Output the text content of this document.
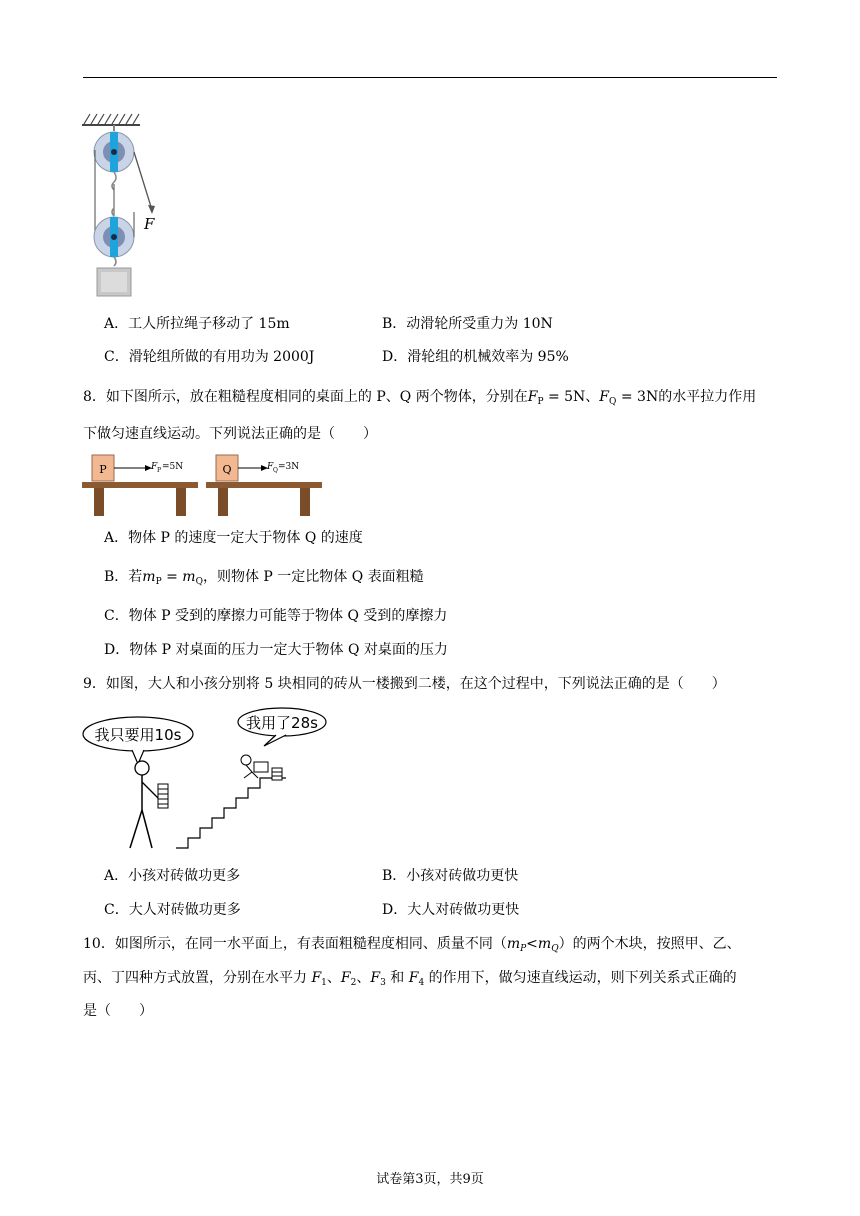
F
A．工人所拉绳子移动了 15m	B．动滑轮所受重力为 10N
C．滑轮组所做的有用功为 2000J	D．滑轮组的机械效率为 95%
8．如下图所示，放在粗糙程度相同的桌面上的 P、Q 两个物体，分别在$F_P = 5N$、$F_Q = 3N$的水平拉力作用
下做匀速直线运动。下列说法正确的是（　　）
P	F P =5N	Q	F Q =3N
A．物体 P 的速度一定大于物体 Q 的速度
B．若$m_P = m_Q$，则物体 P 一定比物体 Q 表面粗糙
C．物体 P 受到的摩擦力可能等于物体 Q 受到的摩擦力
D．物体 P 对桌面的压力一定大于物体 Q 对桌面的压力
9．如图，大人和小孩分别将 5 块相同的砖从一楼搬到二楼，在这个过程中，下列说法正确的是（　　）
我只要用10s
我用了28s
A．小孩对砖做功更多	B．小孩对砖做功更快
C．大人对砖做功更多	D．大人对砖做功更快
10．如图所示，在同一水平面上，有表面粗糙程度相同、质量不同$(m_P<m_Q)$的两个木块，按照甲、乙、
丙、丁四种方式放置，分别在水平力 $F_1$、$F_2$、$F_3$ 和 $F_4$ 的作用下，做匀速直线运动，则下列关系式正确的
是（　　）
试卷第3页，共9页
